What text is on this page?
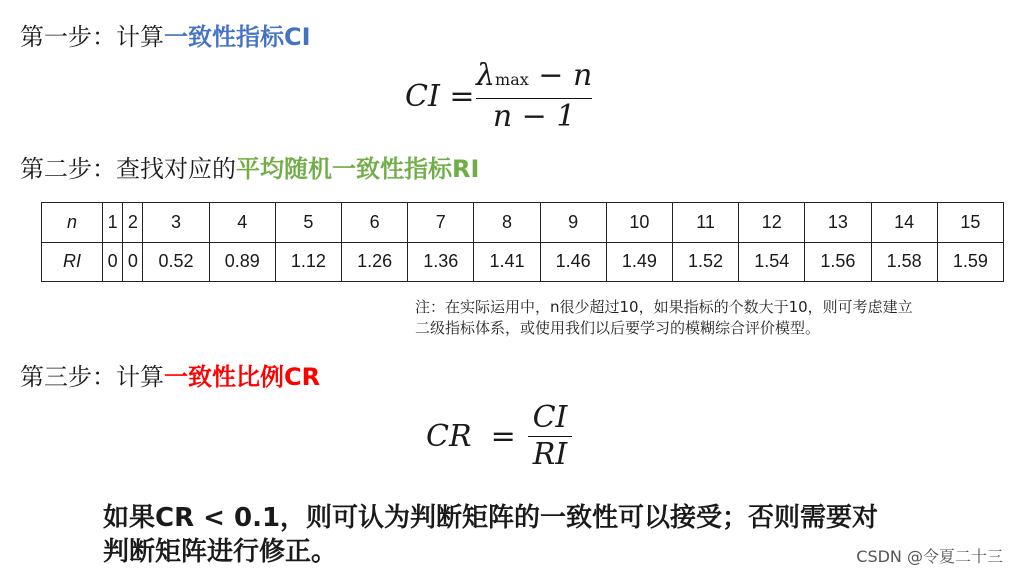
第一步：计算一致性指标CI
CI =
λmax − n
n − 1
第二步：查找对应的平均随机一致性指标RI
n	1	2	3	4	5	6	7	8	9	10	11	12	13	14	15
RI	0	0	0.52	0.89	1.12	1.26	1.36	1.41	1.46	1.49	1.52	1.54	1.56	1.58	1.59
注：在实际运用中，n很少超过10，如果指标的个数大于10，则可考虑建立
二级指标体系，或使用我们以后要学习的模糊综合评价模型。
第三步：计算一致性比例CR
CR =
CI
RI
如果CR < 0.1，则可认为判断矩阵的一致性可以接受；否则需要对
判断矩阵进行修正。	CSDN @令夏二十三
